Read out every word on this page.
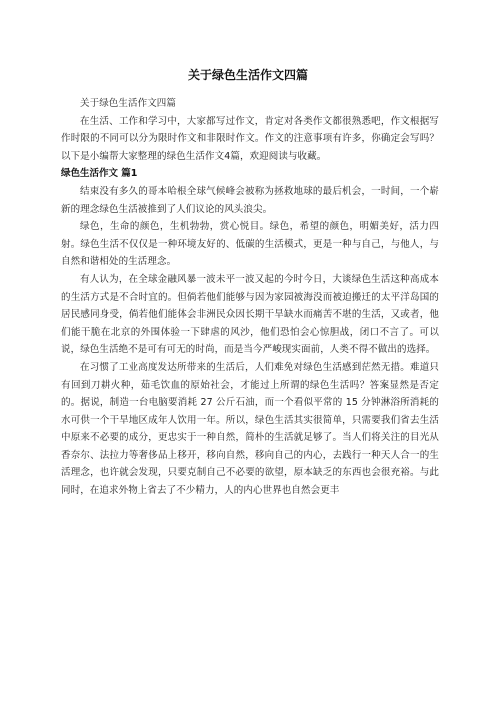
关于绿色生活作文四篇

关于绿色生活作文四篇

在生活、工作和学习中，大家都写过作文，肯定对各类作文都很熟悉吧，作文根据写作时限的不同可以分为限时作文和非限时作文。作文的注意事项有许多，你确定会写吗？以下是小编帮大家整理的绿色生活作文4篇，欢迎阅读与收藏。

绿色生活作文 篇1

结束没有多久的哥本哈根全球气候峰会被称为拯救地球的最后机会，一时间，一个崭新的理念绿色生活被推到了人们议论的风头浪尖。

绿色，生命的颜色，生机勃勃，赏心悦目。绿色，希望的颜色，明媚美好，活力四射。绿色生活不仅仅是一种环境友好的、低碳的生活模式，更是一种与自己，与他人，与自然和谐相处的生活理念。

有人认为，在全球金融风暴一波未平一波又起的今时今日，大谈绿色生活这种高成本的生活方式是不合时宜的。但倘若他们能够与因为家园被海没而被迫搬迁的太平洋岛国的居民感同身受，倘若他们能体会非洲民众因长期干旱缺水而痛苦不堪的生活，又或者，他们能干脆在北京的外围体验一下肆虐的风沙，他们恐怕会心惊胆战，闭口不言了。可以说，绿色生活绝不是可有可无的时尚，而是当今严峻现实面前，人类不得不做出的选择。

在习惯了工业高度发达所带来的生活后，人们难免对绿色生活感到茫然无措。难道只有回到刀耕火种，茹毛饮血的原始社会，才能过上所谓的绿色生活吗？答案显然是否定的。据说，制造一台电脑要消耗 27 公斤石油，而一个看似平常的 15 分钟淋浴所消耗的水可供一个干旱地区成年人饮用一年。所以，绿色生活其实很简单，只需要我们省去生活中原来不必要的成分，更忠实于一种自然，简朴的生活就足够了。当人们将关注的目光从香奈尔、法拉力等奢侈品上移开，移向自然，移向自己的内心，去践行一种天人合一的生活理念，也许就会发现，只要克制自己不必要的欲望，原本缺乏的东西也会很充裕。与此同时，在追求外物上省去了不少精力，人的内心世界也自然会更丰
